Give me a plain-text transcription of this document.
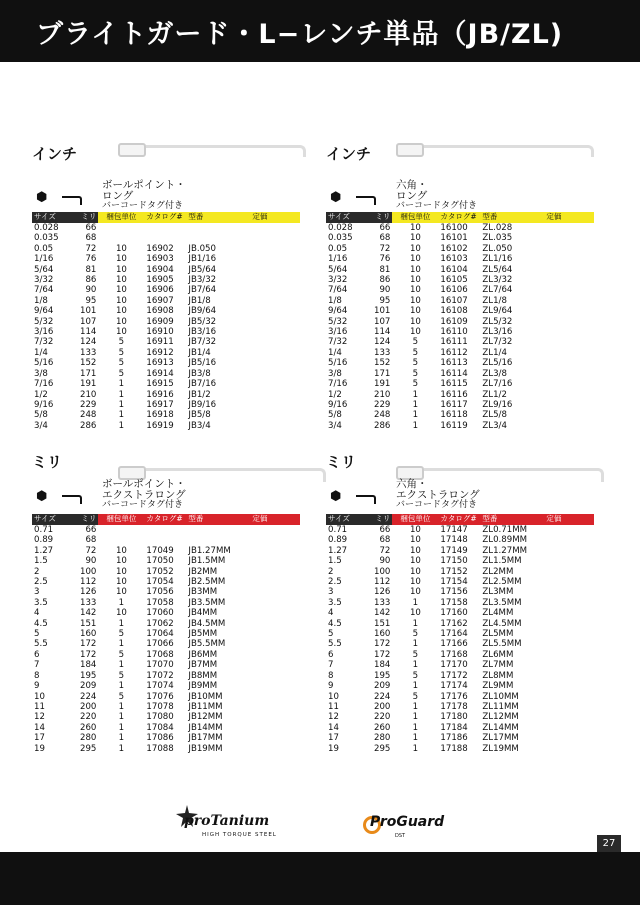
ブライトガード・L−レンチ単品（JB/ZL)
インチ
⬢
ボールポイント・
ロング
バーコードタグ付き
サイズ	ミリ	梱包単位	カタログ#	型番	定価
0.028	66				
0.035	68				
0.05	72	10	16902	JB.050	
1/16	76	10	16903	JB1/16	
5/64	81	10	16904	JB5/64	
3/32	86	10	16905	JB3/32	
7/64	90	10	16906	JB7/64	
1/8	95	10	16907	JB1/8	
9/64	101	10	16908	JB9/64	
5/32	107	10	16909	JB5/32	
3/16	114	10	16910	JB3/16	
7/32	124	5	16911	JB7/32	
1/4	133	5	16912	JB1/4	
5/16	152	5	16913	JB5/16	
3/8	171	5	16914	JB3/8	
7/16	191	1	16915	JB7/16	
1/2	210	1	16916	JB1/2	
9/16	229	1	16917	JB9/16	
5/8	248	1	16918	JB5/8	
3/4	286	1	16919	JB3/4	
インチ
⬢
六角・
ロング
バーコードタグ付き
サイズ	ミリ	梱包単位	カタログ#	型番	定価
0.028	66	10	16100	ZL.028	
0.035	68	10	16101	ZL.035	
0.05	72	10	16102	ZL.050	
1/16	76	10	16103	ZL1/16	
5/64	81	10	16104	ZL5/64	
3/32	86	10	16105	ZL3/32	
7/64	90	10	16106	ZL7/64	
1/8	95	10	16107	ZL1/8	
9/64	101	10	16108	ZL9/64	
5/32	107	10	16109	ZL5/32	
3/16	114	10	16110	ZL3/16	
7/32	124	5	16111	ZL7/32	
1/4	133	5	16112	ZL1/4	
5/16	152	5	16113	ZL5/16	
3/8	171	5	16114	ZL3/8	
7/16	191	5	16115	ZL7/16	
1/2	210	1	16116	ZL1/2	
9/16	229	1	16117	ZL9/16	
5/8	248	1	16118	ZL5/8	
3/4	286	1	16119	ZL3/4	
ミリ
⬢
ボールポイント・
エクストラロング
バーコードタグ付き
サイズ	ミリ	梱包単位	カタログ#	型番	定価
0.71	66				
0.89	68				
1.27	72	10	17049	JB1.27MM	
1.5	90	10	17050	JB1.5MM	
2	100	10	17052	JB2MM	
2.5	112	10	17054	JB2.5MM	
3	126	10	17056	JB3MM	
3.5	133	1	17058	JB3.5MM	
4	142	10	17060	JB4MM	
4.5	151	1	17062	JB4.5MM	
5	160	5	17064	JB5MM	
5.5	172	1	17066	JB5.5MM	
6	172	5	17068	JB6MM	
7	184	1	17070	JB7MM	
8	195	5	17072	JB8MM	
9	209	1	17074	JB9MM	
10	224	5	17076	JB10MM	
11	200	1	17078	JB11MM	
12	220	1	17080	JB12MM	
14	260	1	17084	JB14MM	
17	280	1	17086	JB17MM	
19	295	1	17088	JB19MM	
ミリ
⬢
六角・
エクストラロング
バーコードタグ付き
サイズ	ミリ	梱包単位	カタログ#	型番	定価
0.71	66	10	17147	ZL0.71MM	
0.89	68	10	17148	ZL0.89MM	
1.27	72	10	17149	ZL1.27MM	
1.5	90	10	17150	ZL1.5MM	
2	100	10	17152	ZL2MM	
2.5	112	10	17154	ZL2.5MM	
3	126	10	17156	ZL3MM	
3.5	133	1	17158	ZL3.5MM	
4	142	10	17160	ZL4MM	
4.5	151	1	17162	ZL4.5MM	
5	160	5	17164	ZL5MM	
5.5	172	1	17166	ZL5.5MM	
6	172	5	17168	ZL6MM	
7	184	1	17170	ZL7MM	
8	195	5	17172	ZL8MM	
9	209	1	17174	ZL9MM	
10	224	5	17176	ZL10MM	
11	200	1	17178	ZL11MM	
12	220	1	17180	ZL12MM	
14	260	1	17184	ZL14MM	
17	280	1	17186	ZL17MM	
19	295	1	17188	ZL19MM	
proTanium
HIGH TORQUE STEEL
ProGuard
DST
27
